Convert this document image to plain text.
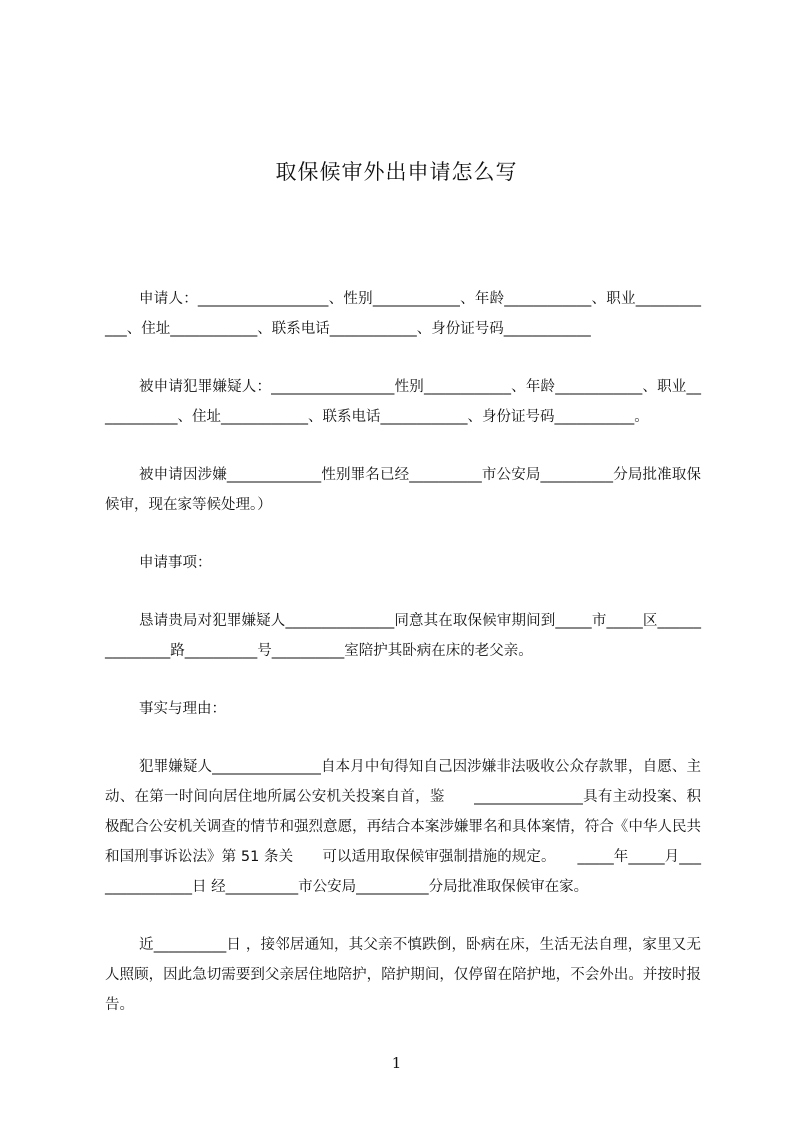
取保候审外出申请怎么写

申请人：__________________、性别____________、年龄____________、职业____________、住址____________、联系电话____________、身份证号码____________

被申请犯罪嫌疑人：_________________性别____________、年龄____________、职业____________、住址____________、联系电话____________、身份证号码___________。

被申请因涉嫌_____________性别罪名已经__________市公安局__________分局批准取保候审，现在家等候处理。）

申请事项：

恳请贵局对犯罪嫌疑人_______________同意其在取保候审期间到_____市_____区_______________路__________号__________室陪护其卧病在床的老父亲。

事实与理由：

犯罪嫌疑人_______________自本月中旬得知自己因涉嫌非法吸收公众存款罪，自愿、主动、在第一时间向居住地所属公安机关投案自首，鉴　　_______________具有主动投案、积极配合公安机关调查的情节和强烈意愿，再结合本案涉嫌罪名和具体案情，符合《中华人民共和国刑事诉讼法》第 51 条关　　可以适用取保候审强制措施的规定。　　_____年_____月_______________日 经__________市公安局__________分局批准取保候审在家。

近__________日 ，接邻居通知，其父亲不慎跌倒，卧病在床，生活无法自理，家里又无人照顾，因此急切需要到父亲居住地陪护，陪护期间，仅停留在陪护地，不会外出。并按时报告。

1
